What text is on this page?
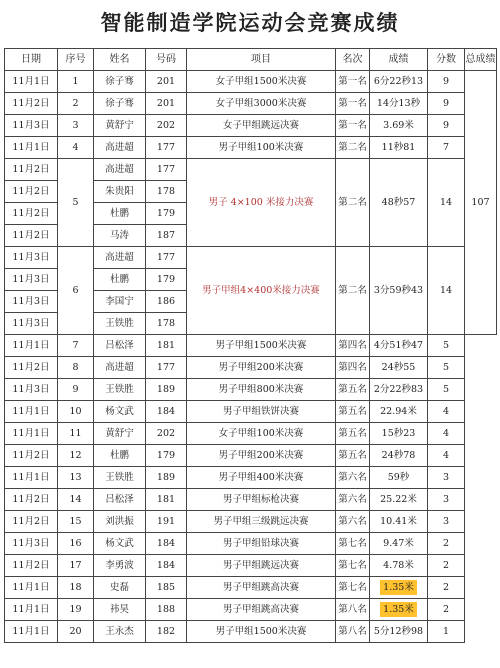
智能制造学院运动会竞赛成绩
日期	序号	姓名	号码	项目	名次	成绩	分数	总成绩
11月1日	1	徐子骞	201	女子甲组1500米决赛	第一名	6分22秒13	9	107
11月2日	2	徐子骞	201	女子甲组3000米决赛	第一名	14分13秒	9	
11月3日	3	黄舒宁	202	女子甲组跳远决赛	第一名	3.69米	9	
11月1日	4	高进超	177	男子甲组100米决赛	第二名	11秒81	7	
11月2日	5	高进超	177	男子 4×100 米接力决赛	第二名	48秒57	14	
11月2日		朱贵阳	178					
11月2日		杜鹏	179					
11月2日		马涛	187					
11月3日	6	高进超	177	男子甲组4×400米接力决赛	第二名	3分59秒43	14	
11月3日		杜鹏	179					
11月3日		李国宁	186					
11月3日		王铁胜	178					
11月1日	7	吕松泽	181	男子甲组1500米决赛	第四名	4分51秒47	5	
11月2日	8	高进超	177	男子甲组200米决赛	第四名	24秒55	5	
11月3日	9	王铁胜	189	男子甲组800米决赛	第五名	2分22秒83	5	
11月1日	10	杨文武	184	男子甲组铁饼决赛	第五名	22.94米	4	
11月1日	11	黄舒宁	202	女子甲组100米决赛	第五名	15秒23	4	
11月2日	12	杜鹏	179	男子甲组200米决赛	第五名	24秒78	4	
11月1日	13	王铁胜	189	男子甲组400米决赛	第六名	59秒	3	
11月2日	14	吕松泽	181	男子甲组标枪决赛	第六名	25.22米	3	
11月2日	15	刘洪振	191	男子甲组三级跳远决赛	第六名	10.41米	3	
11月3日	16	杨文武	184	男子甲组铅球决赛	第七名	9.47米	2	
11月2日	17	李勇波	184	男子甲组跳远决赛	第七名	4.78米	2	
11月1日	18	史磊	185	男子甲组跳高决赛	第七名	1.35米	2	
11月1日	19	祎昊	188	男子甲组跳高决赛	第八名	1.35米	2	
11月1日	20	王永杰	182	男子甲组1500米决赛	第八名	5分12秒98	1	
